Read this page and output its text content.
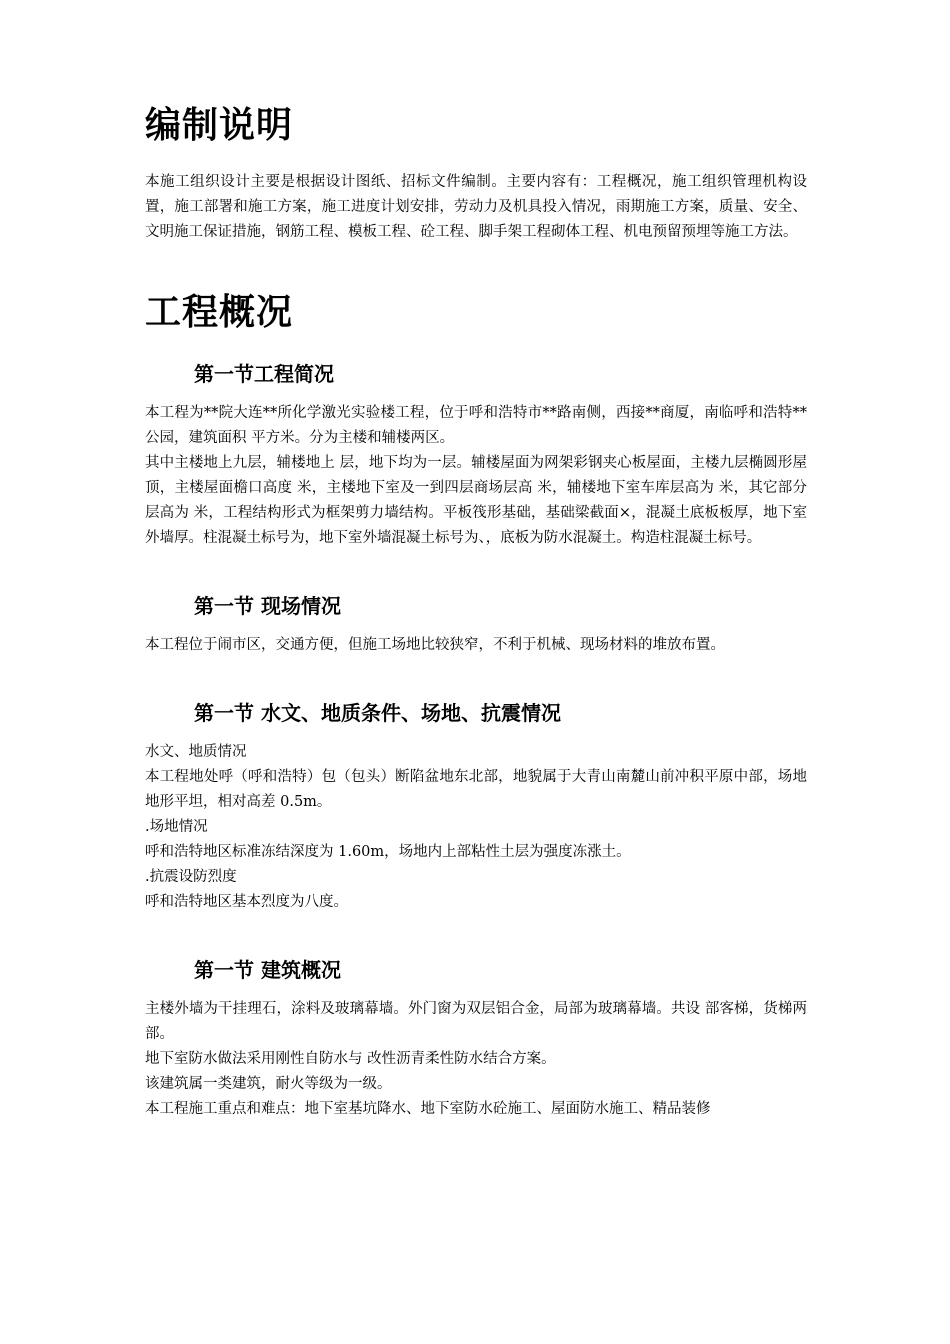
编制说明

本施工组织设计主要是根据设计图纸、招标文件编制。主要内容有：工程概况，施工组织管理机构设置，施工部署和施工方案，施工进度计划安排，劳动力及机具投入情况，雨期施工方案，质量、安全、文明施工保证措施，钢筋工程、模板工程、砼工程、脚手架工程砌体工程、机电预留预埋等施工方法。

工程概况
第一节工程简况

本工程为**院大连**所化学激光实验楼工程，位于呼和浩特市**路南侧，西接**商厦，南临呼和浩特**公园，建筑面积 平方米。分为主楼和辅楼两区。

其中主楼地上九层，辅楼地上 层，地下均为一层。辅楼屋面为网架彩钢夹心板屋面，主楼九层椭圆形屋顶，主楼屋面檐口高度 米，主楼地下室及一到四层商场层高 米，辅楼地下室车库层高为 米，其它部分层高为 米，工程结构形式为框架剪力墙结构。平板筏形基础，基础梁截面×，混凝土底板板厚，地下室外墙厚。柱混凝土标号为，地下室外墙混凝土标号为、，底板为防水混凝土。构造柱混凝土标号。

第一节 现场情况

本工程位于闹市区，交通方便，但施工场地比较狭窄，不利于机械、现场材料的堆放布置。

第一节 水文、地质条件、场地、抗震情况

水文、地质情况

本工程地处呼（呼和浩特）包（包头）断陷盆地东北部，地貌属于大青山南麓山前冲积平原中部，场地地形平坦，相对高差 0.5m。

.场地情况

呼和浩特地区标准冻结深度为 1.60m，场地内上部粘性土层为强度冻涨土。

.抗震设防烈度

呼和浩特地区基本烈度为八度。

第一节 建筑概况

主楼外墙为干挂理石，涂料及玻璃幕墙。外门窗为双层铝合金，局部为玻璃幕墙。共设 部客梯，货梯两部。

地下室防水做法采用刚性自防水与 改性沥青柔性防水结合方案。

该建筑属一类建筑，耐火等级为一级。

本工程施工重点和难点：地下室基坑降水、地下室防水砼施工、屋面防水施工、精品装修
